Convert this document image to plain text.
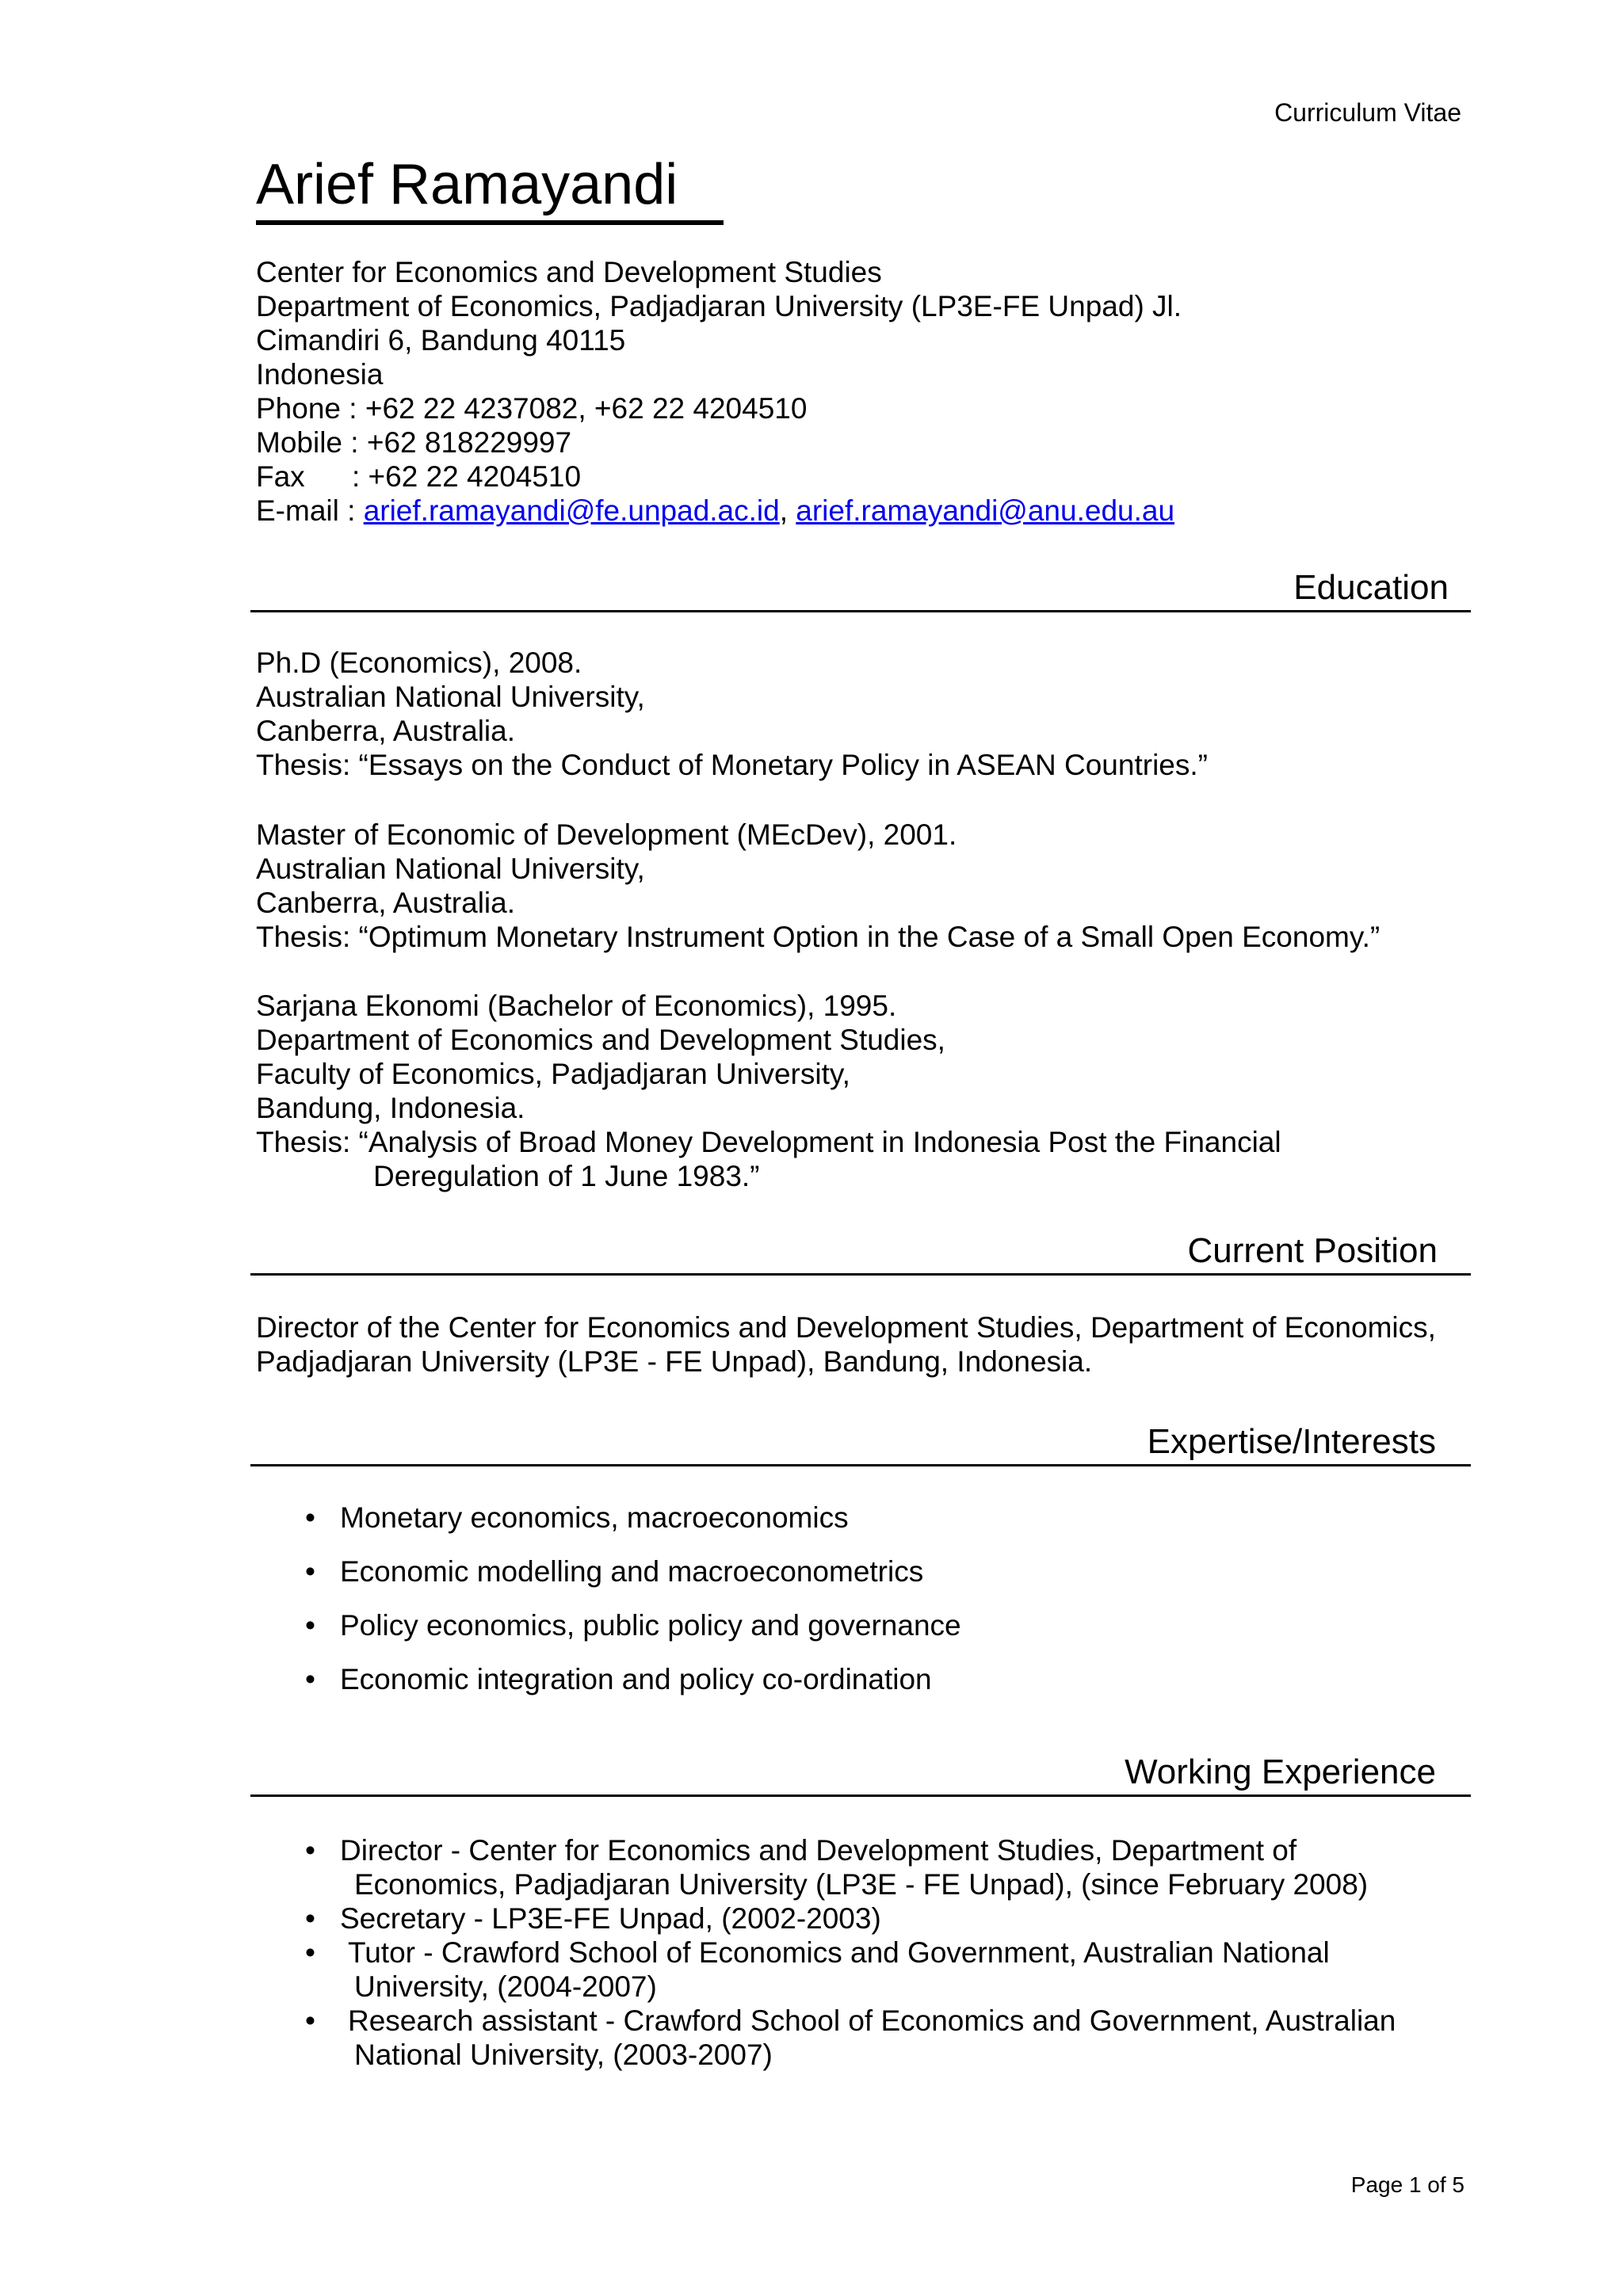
Curriculum Vitae
Arief Ramayandi
Center for Economics and Development Studies
Department of Economics, Padjadjaran University (LP3E-FE Unpad) Jl.
Cimandiri 6, Bandung 40115
Indonesia
Phone : +62 22 4237082, +62 22 4204510
Mobile : +62 818229997
Fax : +62 22 4204510
E-mail : arief.ramayandi@fe.unpad.ac.id, arief.ramayandi@anu.edu.au
Education
Ph.D (Economics), 2008.
Australian National University,
Canberra, Australia.
Thesis: “Essays on the Conduct of Monetary Policy in ASEAN Countries.”
Master of Economic of Development (MEcDev), 2001.
Australian National University,
Canberra, Australia.
Thesis: “Optimum Monetary Instrument Option in the Case of a Small Open Economy.”
Sarjana Ekonomi (Bachelor of Economics), 1995.
Department of Economics and Development Studies,
Faculty of Economics, Padjadjaran University,
Bandung, Indonesia.
Thesis: “Analysis of Broad Money Development in Indonesia Post the Financial
Deregulation of 1 June 1983.”
Current Position
Director of the Center for Economics and Development Studies, Department of Economics,
Padjadjaran University (LP3E - FE Unpad), Bandung, Indonesia.
Expertise/Interests
• Monetary economics, macroeconomics
• Economic modelling and macroeconometrics
• Policy economics, public policy and governance
• Economic integration and policy co-ordination
Working Experience
• Director - Center for Economics and Development Studies, Department of
Economics, Padjadjaran University (LP3E - FE Unpad), (since February 2008)
• Secretary - LP3E-FE Unpad, (2002-2003)
• Tutor - Crawford School of Economics and Government, Australian National
University, (2004-2007)
• Research assistant - Crawford School of Economics and Government, Australian
National University, (2003-2007)
Page 1 of 5
